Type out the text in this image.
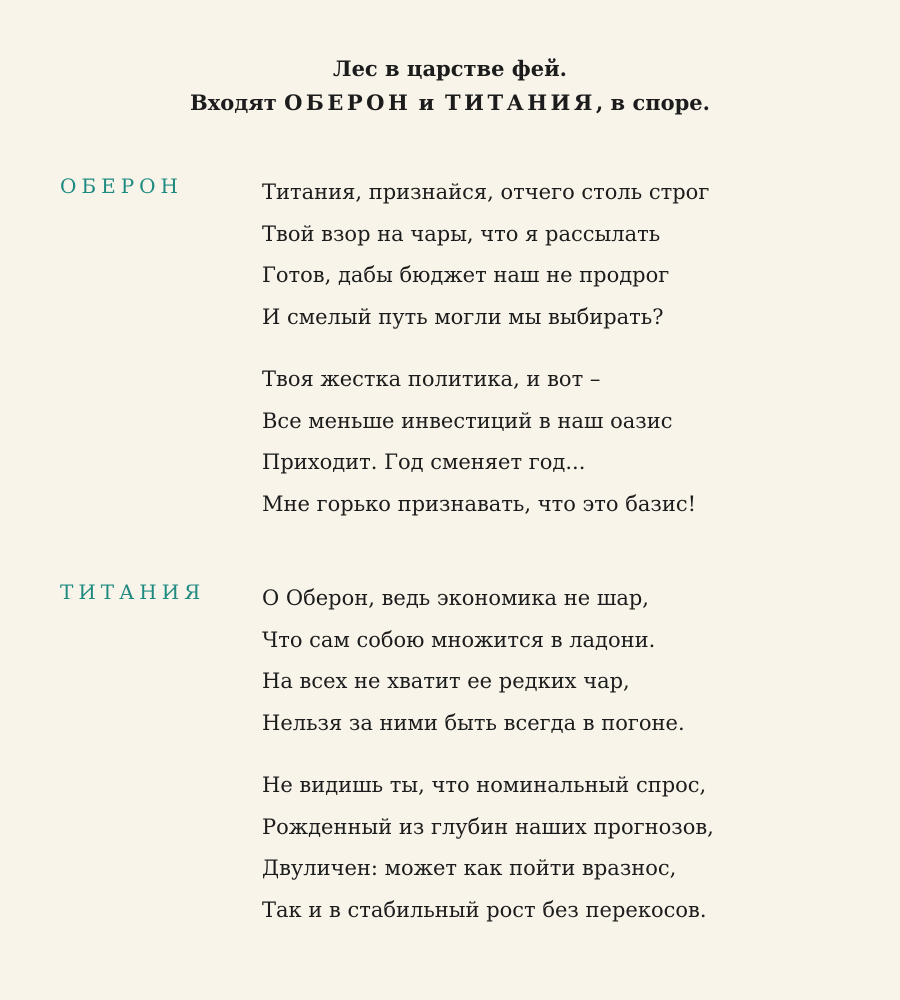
Лес в царстве фей.
Входят ОБЕРОН и ТИТАНИЯ, в споре.
ОБЕРОН	Титания, признайся, отчего столь строг
Твой взор на чары, что я рассылать
Готов, дабы бюджет наш не продрог
И смелый путь могли мы выбирать?
Твоя жестка политика, и вот –
Все меньше инвестиций в наш оазис
Приходит. Год сменяет год...
Мне горько признавать, что это базис!
ТИТАНИЯ	О Оберон, ведь экономика не шар,
Что сам собою множится в ладони.
На всех не хватит ее редких чар,
Нельзя за ними быть всегда в погоне.
Не видишь ты, что номинальный спрос,
Рожденный из глубин наших прогнозов,
Двуличен: может как пойти вразнос,
Так и в стабильный рост без перекосов.
